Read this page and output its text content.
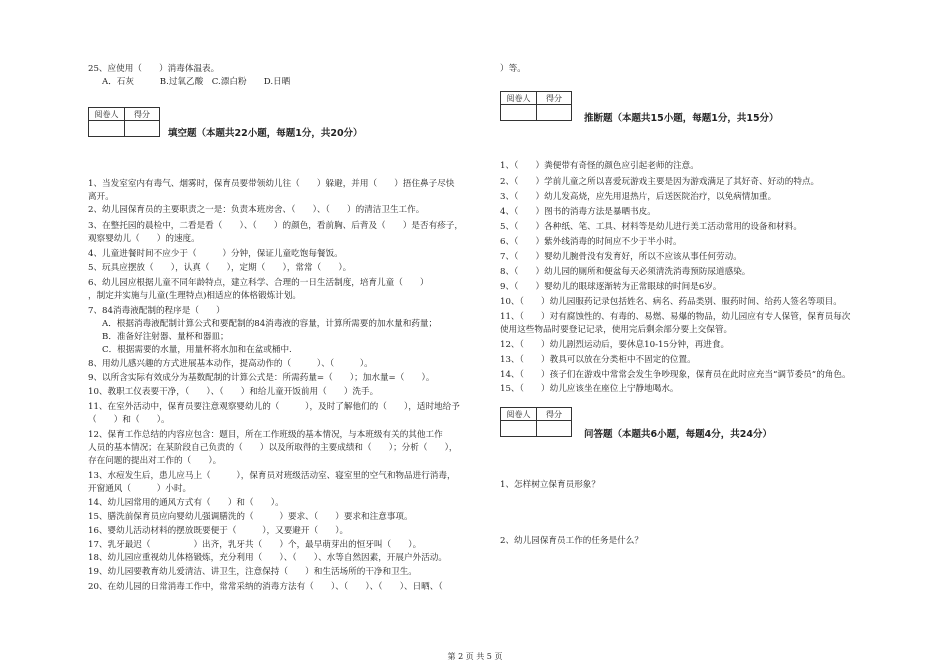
25、应使用（　　）消毒体温表。
A．石灰　　　B.过氧乙酸　C.漂白粉　　D.日晒
阅卷人	得分
填空题（本题共22小题，每题1分，共20分）
1、当发室室内有毒气、烟雾时，保育员要带领幼儿往（　　）躲避，并用（　　）捂住鼻子尽快
离开。
2、幼儿园保育员的主要职责之一是：负责本班房舍、（　　）、（　　）的清洁卫生工作。
3、在整托园的晨检中，二看是看（　　）、（　　）的颜色，看前胸、后背及（　　）是否有疹子，
观察婴幼儿（　　）的速度。
4、儿童进餐时间不应少于（　　　）分钟，保证儿童吃饱每餐饭。
5、玩具应摆放（　　），认真（　　），定期（　　），常常（　　）。
6、幼儿园应根据儿童不同年龄特点，建立科学、合理的一日生活制度，培育儿童（　　）
，制定并实施与儿童(生理特点)相适应的体格锻炼计划。
7、84消毒液配制的程序是（　　）
A．根据消毒液配制计算公式和要配制的84消毒液的容量，计算所需要的加水量和药量；
B．准备好注射器、量杯和器皿；
C．根据需要的水量，用量杯将水加和在盆或桶中.
8、用幼儿感兴趣的方式进展基本动作，提高动作的（　　　）、（　　　）。
9、以所含实际有效成分为基数配制的计算公式是：所需药量=（　　）；加水量=（　　）。
10、教职工仪表要干净，（　　）、（　　）和给儿童开饭前用（　　）洗手。
11、在室外活动中，保育员要注意观察婴幼儿的（　　　），及时了解他们的（　　），适时地给予
（　　）和（　　）。
12、保育工作总结的内容应包含：题目，所在工作班级的基本情况，与本班级有关的其他工作
人员的基本情况；在某阶段自己负责的（　　）以及所取得的主要成绩和（　　）；分析（　　），
存在问题的提出对工作的（　　）。
13、水痘发生后，患儿应马上（　　　），保育员对班级活动室、寝室里的空气和物品进行消毒，
开窗通风（　　　）小时。
14、幼儿园常用的通风方式有（　　）和（　　）。
15、膳洗前保育员应向婴幼儿强调膳洗的（　　　）要求、（　　）要求和注意事项。
16、婴幼儿活动材料的摆放既要便于（　　　），又要避开（　　）。
17、乳牙最迟（　　　　　）出齐，乳牙共（　　）个，最早萌芽出的恒牙叫（　　）。
18、幼儿园应重视幼儿体格锻炼，充分利用（　　）、（　　）、水等自然因素，开展户外活动。
19、幼儿园要教育幼儿爱清洁、讲卫生，注意保持（　　）和生活场所的干净和卫生。
20、在幼儿园的日常消毒工作中，常常采纳的消毒方法有（　　）、（　　）、（　　）、日晒、（
）等。
阅卷人	得分
推断题（本题共15小题，每题1分，共15分）
1、（　　）粪便带有奇怪的颜色应引起老师的注意。
2、（　　）学前儿童之所以喜爱玩游戏主要是因为游戏满足了其好奇、好动的特点。
3、（　　）幼儿发高烧，应先用退热片，后送医院治疗，以免病情加重。
4、（　　）图书的消毒方法是暴晒书皮。
5、（　　）各种纸、笔、工具、材料等是幼儿进行美工活动常用的设备和材料。
6、（　　）紫外线消毒的时间应不少于半小时。
7、（　　）婴幼儿腕骨没有发育好，所以不应该从事任何劳动。
8、（　　）幼儿园的厕所和便盆每天必须清洗消毒预防尿道感染。
9、（　　）婴幼儿的眼球逐渐转为正常眼球的时间是6岁。
10、（　　）幼儿园服药记录包括姓名、病名、药品类别、服药时间、给药人签名等项目。
11、（　　）对有腐蚀性的、有毒的、易燃、易爆的物品，幼儿园应有专人保管，保育员每次
使用这些物品时要登记记录，使用完后剩余部分要上交保管。
12、（　　）幼儿剧烈运动后，要休息10-15分钟，再进食。
13、（　　）教具可以放在分类柜中不固定的位置。
14、（　　）孩子们在游戏中常常会发生争吵现象，保育员在此时应充当“调节委员”的角色。
15、（　　）幼儿应该坐在座位上宁静地喝水。
阅卷人	得分
问答题（本题共6小题，每题4分，共24分）
1、怎样树立保育员形象？
2、幼儿园保育员工作的任务是什么？
第 2 页 共 5 页
